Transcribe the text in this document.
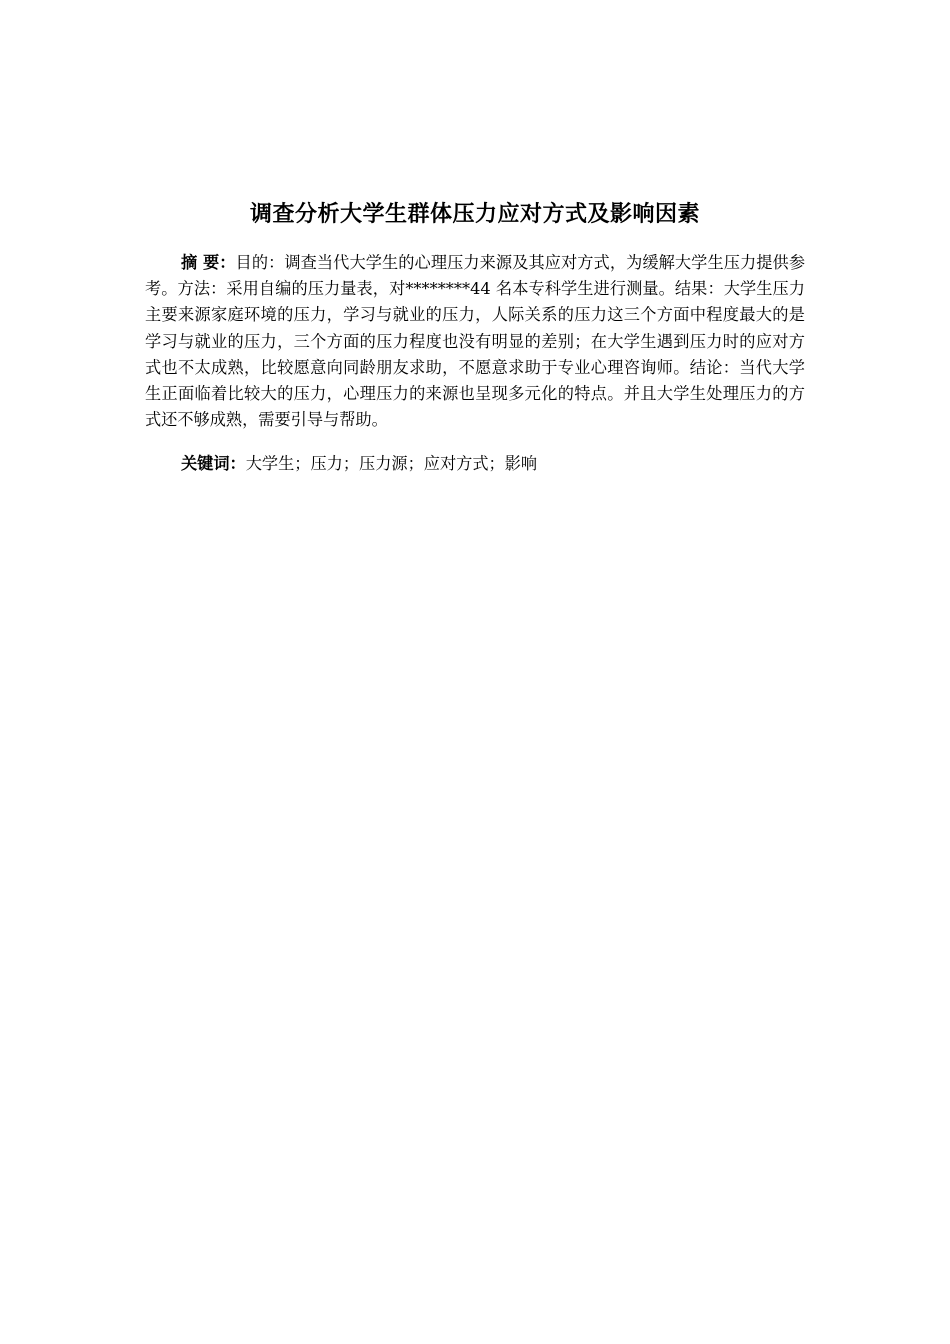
调查分析大学生群体压力应对方式及影响因素

摘 要：目的：调查当代大学生的心理压力来源及其应对方式，为缓解大学生压力提供参考。方法：采用自编的压力量表，对********44 名本专科学生进行测量。结果：大学生压力主要来源家庭环境的压力，学习与就业的压力，人际关系的压力这三个方面中程度最大的是学习与就业的压力，三个方面的压力程度也没有明显的差别；在大学生遇到压力时的应对方式也不太成熟，比较愿意向同龄朋友求助，不愿意求助于专业心理咨询师。结论：当代大学生正面临着比较大的压力，心理压力的来源也呈现多元化的特点。并且大学生处理压力的方式还不够成熟，需要引导与帮助。

关键词：大学生；压力；压力源；应对方式；影响
